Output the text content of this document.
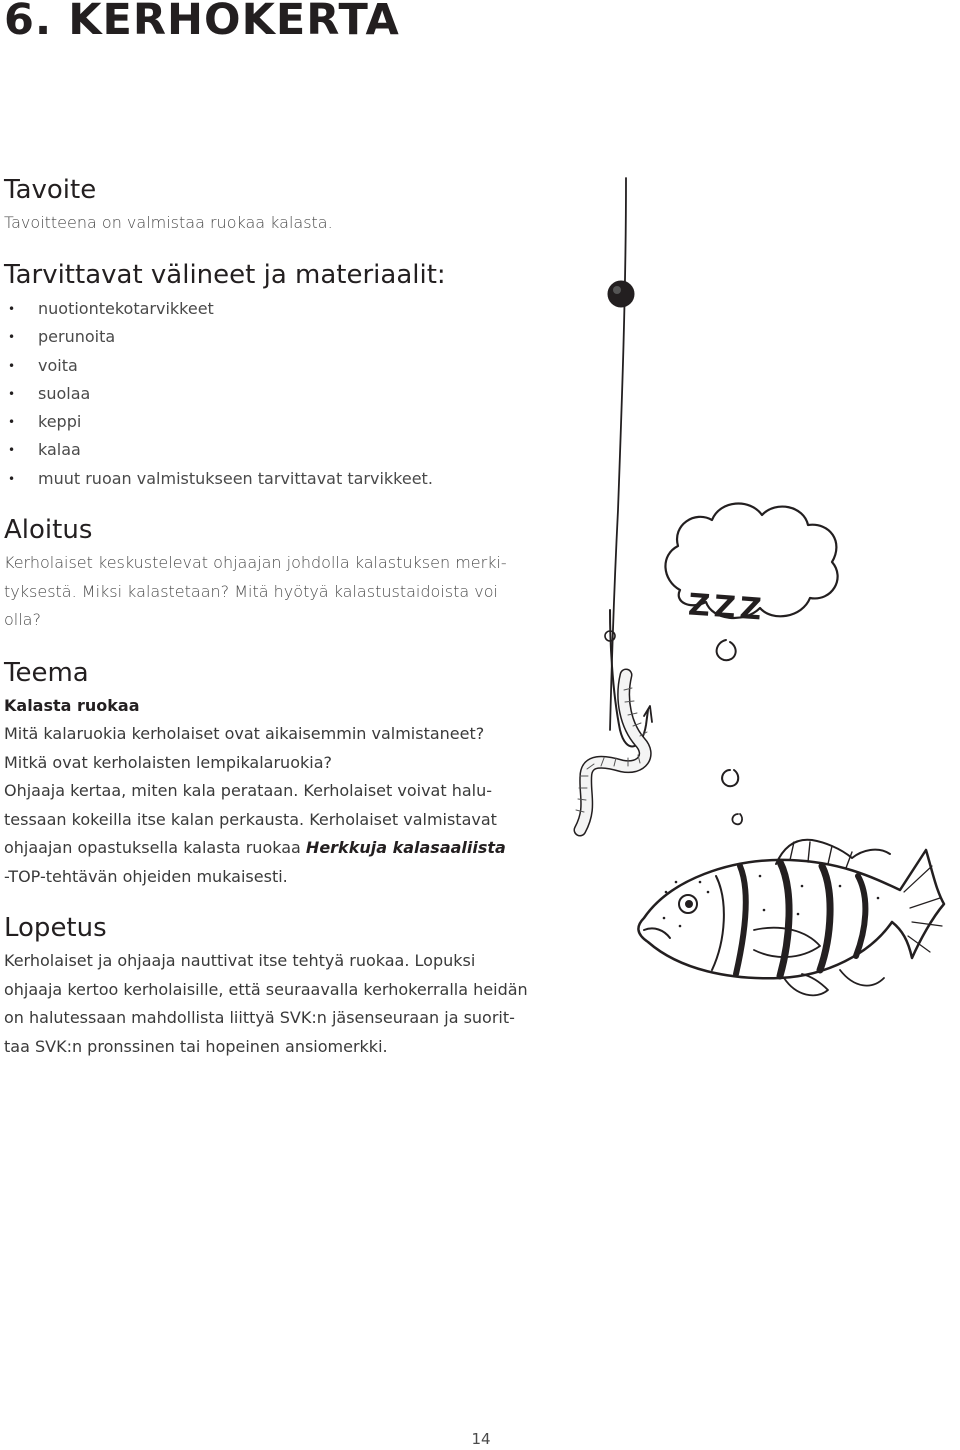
6. KERHOKERTA
Tavoite

Tavoitteena on valmistaa ruokaa kalasta.

Tarvittavat välineet ja materiaalit:
• nuotiontekotarvikkeet
• perunoita
• voita
• suolaa
• keppi
• kalaa
• muut ruoan valmistukseen tarvittavat tarvikkeet.
Aloitus
Kerholaiset keskustelevat ohjaajan johdolla kalastuksen merki-
tyksestä. Miksi kalastetaan? Mitä hyötyä kalastustaidoista voi
olla?
Teema

Kalasta ruokaa

Mitä kalaruokia kerholaiset ovat aikaisemmin valmistaneet?
Mitkä ovat kerholaisten lempikalaruokia?
Ohjaaja kertaa, miten kala perataan. Kerholaiset voivat halu-
tessaan kokeilla itse kalan perkausta. Kerholaiset valmistavat
ohjaajan opastuksella kalasta ruokaa Herkkuja kalasaaliista
-TOP-tehtävän ohjeiden mukaisesti.
Lopetus
Kerholaiset ja ohjaaja nauttivat itse tehtyä ruokaa. Lopuksi
ohjaaja kertoo kerholaisille, että seuraavalla kerhokerralla heidän
on halutessaan mahdollista liittyä SVK:n jäsenseuraan ja suorit-
taa SVK:n pronssinen tai hopeinen ansiomerkki.
ZZZ
14
